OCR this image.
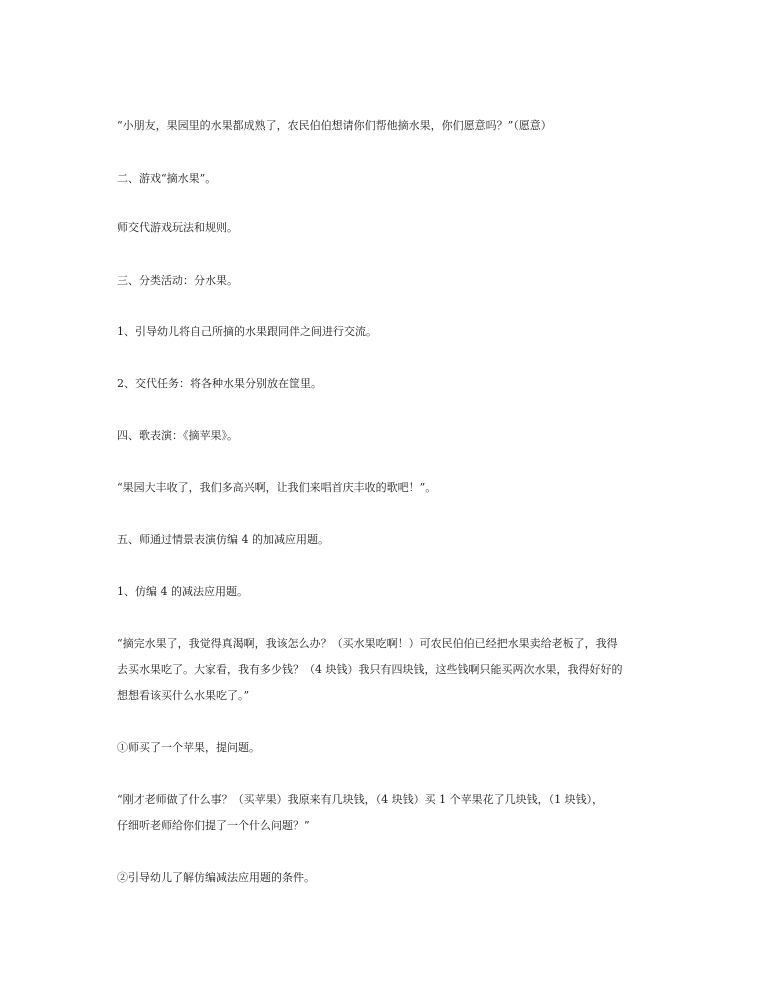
“小朋友，果园里的水果都成熟了，农民伯伯想请你们帮他摘水果，你们愿意吗？”（愿意）
二、游戏“摘水果”。
师交代游戏玩法和规则。
三、分类活动：分水果。
1、引导幼儿将自己所摘的水果跟同伴之间进行交流。
2、交代任务：将各种水果分别放在筐里。
四、歌表演：《摘苹果》。
“果园大丰收了，我们多高兴啊，让我们来唱首庆丰收的歌吧！”。
五、师通过情景表演仿编 4 的加减应用题。
1、仿编 4 的减法应用题。
“摘完水果了，我觉得真渴啊，我该怎么办？（买水果吃啊！）可农民伯伯已经把水果卖给老板了，我得
去买水果吃了。大家看，我有多少钱？（4 块钱）我只有四块钱，这些钱啊只能买两次水果，我得好好的
想想看该买什么水果吃了。”
①师买了一个苹果，提问题。
“刚才老师做了什么事？（买苹果）我原来有几块钱，（4 块钱）买 1 个苹果花了几块钱，（1 块钱），
仔细听老师给你们提了一个什么问题？”
②引导幼儿了解仿编减法应用题的条件。
